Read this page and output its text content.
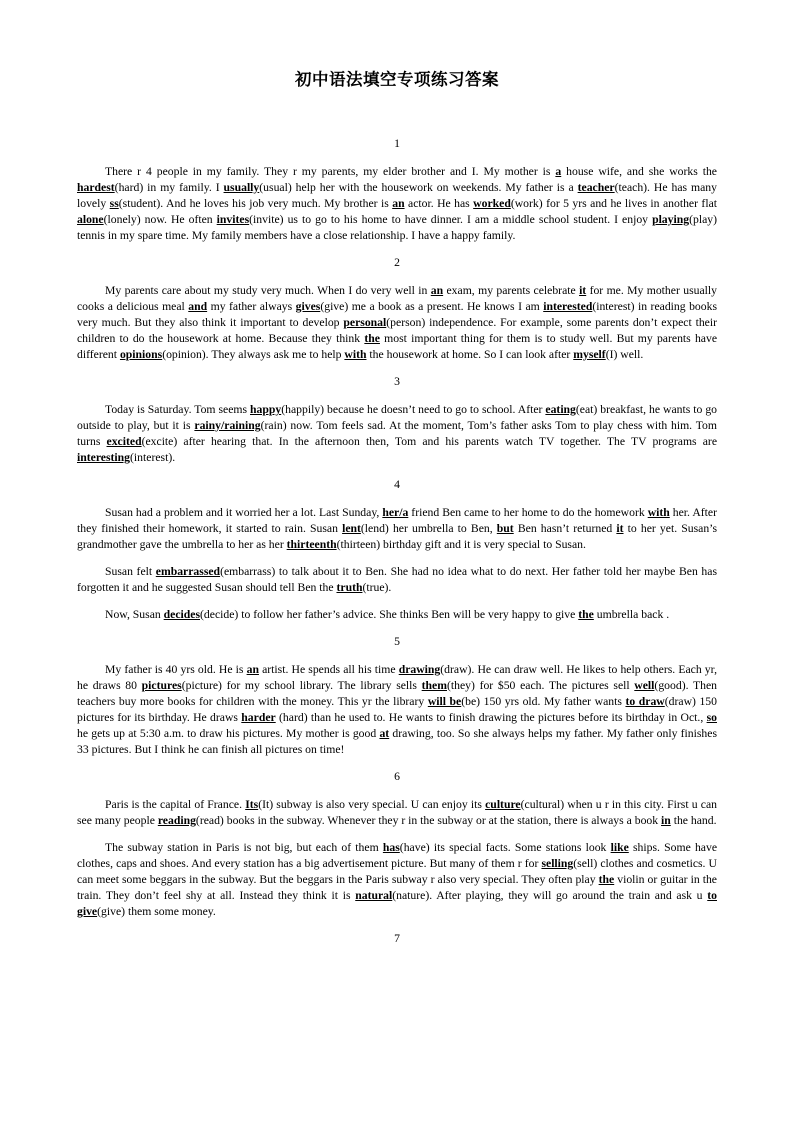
初中语法填空专项练习答案
1

There r 4 people in my family. They r my parents, my elder brother and I. My mother is a house wife, and she works the hardest(hard) in my family. I usually(usual) help her with the housework on weekends. My father is a teacher(teach). He has many lovely ss(student). And he loves his job very much. My brother is an actor. He has worked(work) for 5 yrs and he lives in another flat alone(lonely) now. He often invites(invite) us to go to his home to have dinner. I am a middle school student. I enjoy playing(play) tennis in my spare time. My family members have a close relationship. I have a happy family.

2

My parents care about my study very much. When I do very well in an exam, my parents celebrate it for me. My mother usually cooks a delicious meal and my father always gives(give) me a book as a present. He knows I am interested(interest) in reading books very much. But they also think it important to develop personal(person) independence. For example, some parents don’t expect their children to do the housework at home. Because they think the most important thing for them is to study well. But my parents have different opinions(opinion). They always ask me to help with the housework at home. So I can look after myself(I) well.

3

Today is Saturday. Tom seems happy(happily) because he doesn’t need to go to school. After eating(eat) breakfast, he wants to go outside to play, but it is rainy/raining(rain) now. Tom feels sad. At the moment, Tom’s father asks Tom to play chess with him. Tom turns excited(excite) after hearing that. In the afternoon then, Tom and his parents watch TV together. The TV programs are interesting(interest).

4

Susan had a problem and it worried her a lot. Last Sunday, her/a friend Ben came to her home to do the homework with her. After they finished their homework, it started to rain. Susan lent(lend) her umbrella to Ben, but Ben hasn’t returned it to her yet. Susan’s grandmother gave the umbrella to her as her thirteenth(thirteen) birthday gift and it is very special to Susan.

Susan felt embarrassed(embarrass) to talk about it to Ben. She had no idea what to do next. Her father told her maybe Ben has forgotten it and he suggested Susan should tell Ben the truth(true).

Now, Susan decides(decide) to follow her father’s advice. She thinks Ben will be very happy to give the umbrella back .

5

My father is 40 yrs old. He is an artist. He spends all his time drawing(draw). He can draw well. He likes to help others. Each yr, he draws 80 pictures(picture) for my school library. The library sells them(they) for $50 each. The pictures sell well(good). Then teachers buy more books for children with the money. This yr the library will be(be) 150 yrs old. My father wants to draw(draw) 150 pictures for its birthday. He draws harder (hard) than he used to. He wants to finish drawing the pictures before its birthday in Oct., so he gets up at 5:30 a.m. to draw his pictures. My mother is good at drawing, too. So she always helps my father. My father only finishes 33 pictures. But I think he can finish all pictures on time!

6

Paris is the capital of France. Its(It) subway is also very special. U can enjoy its culture(cultural) when u r in this city. First u can see many people reading(read) books in the subway. Whenever they r in the subway or at the station, there is always a book in the hand.

The subway station in Paris is not big, but each of them has(have) its special facts. Some stations look like ships. Some have clothes, caps and shoes. And every station has a big advertisement picture. But many of them r for selling(sell) clothes and cosmetics. U can meet some beggars in the subway. But the beggars in the Paris subway r also very special. They often play the violin or guitar in the train. They don’t feel shy at all. Instead they think it is natural(nature). After playing, they will go around the train and ask u to give(give) them some money.

7
